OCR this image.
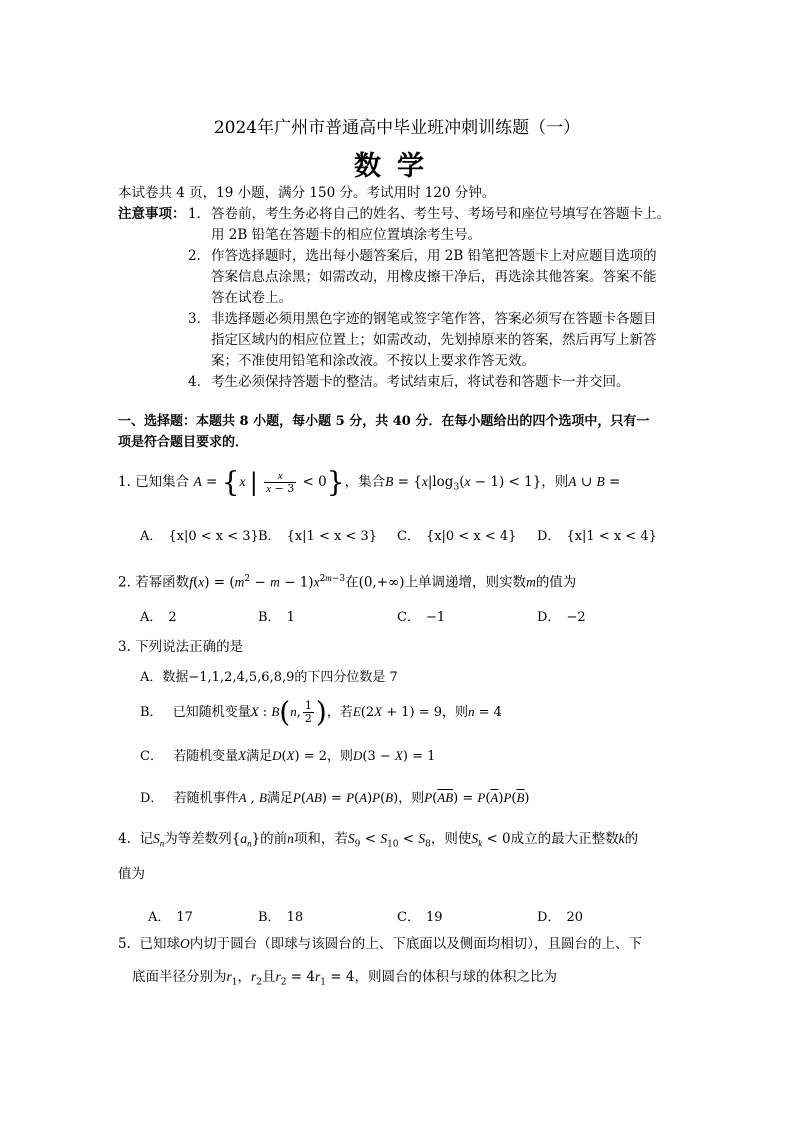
2024年广州市普通高中毕业班冲刺训练题（一）
数学
本试卷共 4 页，19 小题，满分 150 分。考试用时 120 分钟。
注意事项： 1． 答卷前，考生务必将自己的姓名、考生号、考场号和座位号填写在答题卡上。
用 2B 铅笔在答题卡的相应位置填涂考生号。
2． 作答选择题时，选出每小题答案后，用 2B 铅笔把答题卡上对应题目选项的
答案信息点涂黑；如需改动，用橡皮擦干净后，再选涂其他答案。答案不能
答在试卷上。
3． 非选择题必须用黑色字迹的钢笔或签字笔作答，答案必须写在答题卡各题目
指定区域内的相应位置上；如需改动，先划掉原来的答案，然后再写上新答
案；不准使用铅笔和涂改液。不按以上要求作答无效。
4． 考生必须保持答题卡的整洁。考试结束后，将试卷和答题卡一并交回。
一、选择题：本题共 8 小题，每小题 5 分，共 40 分．在每小题给出的四个选项中，只有一
项是符合题目要求的．
1. 已知集合 A = {x | $\frac{x}{x - 3} < 0$}，集合$B = \{x|\log_3(x - 1) < 1\}$，则A ∪ B =
A． {x|0 < x < 3} B． {x|1 < x < 3} C． {x|0 < x < 4} D． {x|1 < x < 4}
2. 若幂函数$f(x) = (m^2 - m - 1)x^{2m-3}$在(0,+∞)上单调递增，则实数m的值为
A． 2	B． 1	C． −1	D． −2
3. 下列说法正确的是
A．数据−1,1,2,4,5,6,8,9的下四分位数是 7
B． 已知随机变量X : B(n, $\frac{1}{2}$ )，若E(2X + 1) = 9，则n = 4
C． 若随机变量X满足D(X) = 2，则D(3 − X) = 1
D． 若随机事件A , B满足P(AB) = P(A)P(B)，则$P(\overline{AB}) = P(\overline{A})P(\overline{B})$
4. 记$S_n$为等差数列$\{a_n\}$的前n项和，若$S_9 < S_{10} < S_8$，则使$S_k < 0$成立的最大正整数k的
值为
A． 17	B． 18	C． 19	D． 20
5. 已知球O内切于圆台（即球与该圆台的上、下底面以及侧面均相切），且圆台的上、下
底面半径分别为$r_1$，$r_2$且$r_2 = 4r_1 = 4$，则圆台的体积与球的体积之比为
